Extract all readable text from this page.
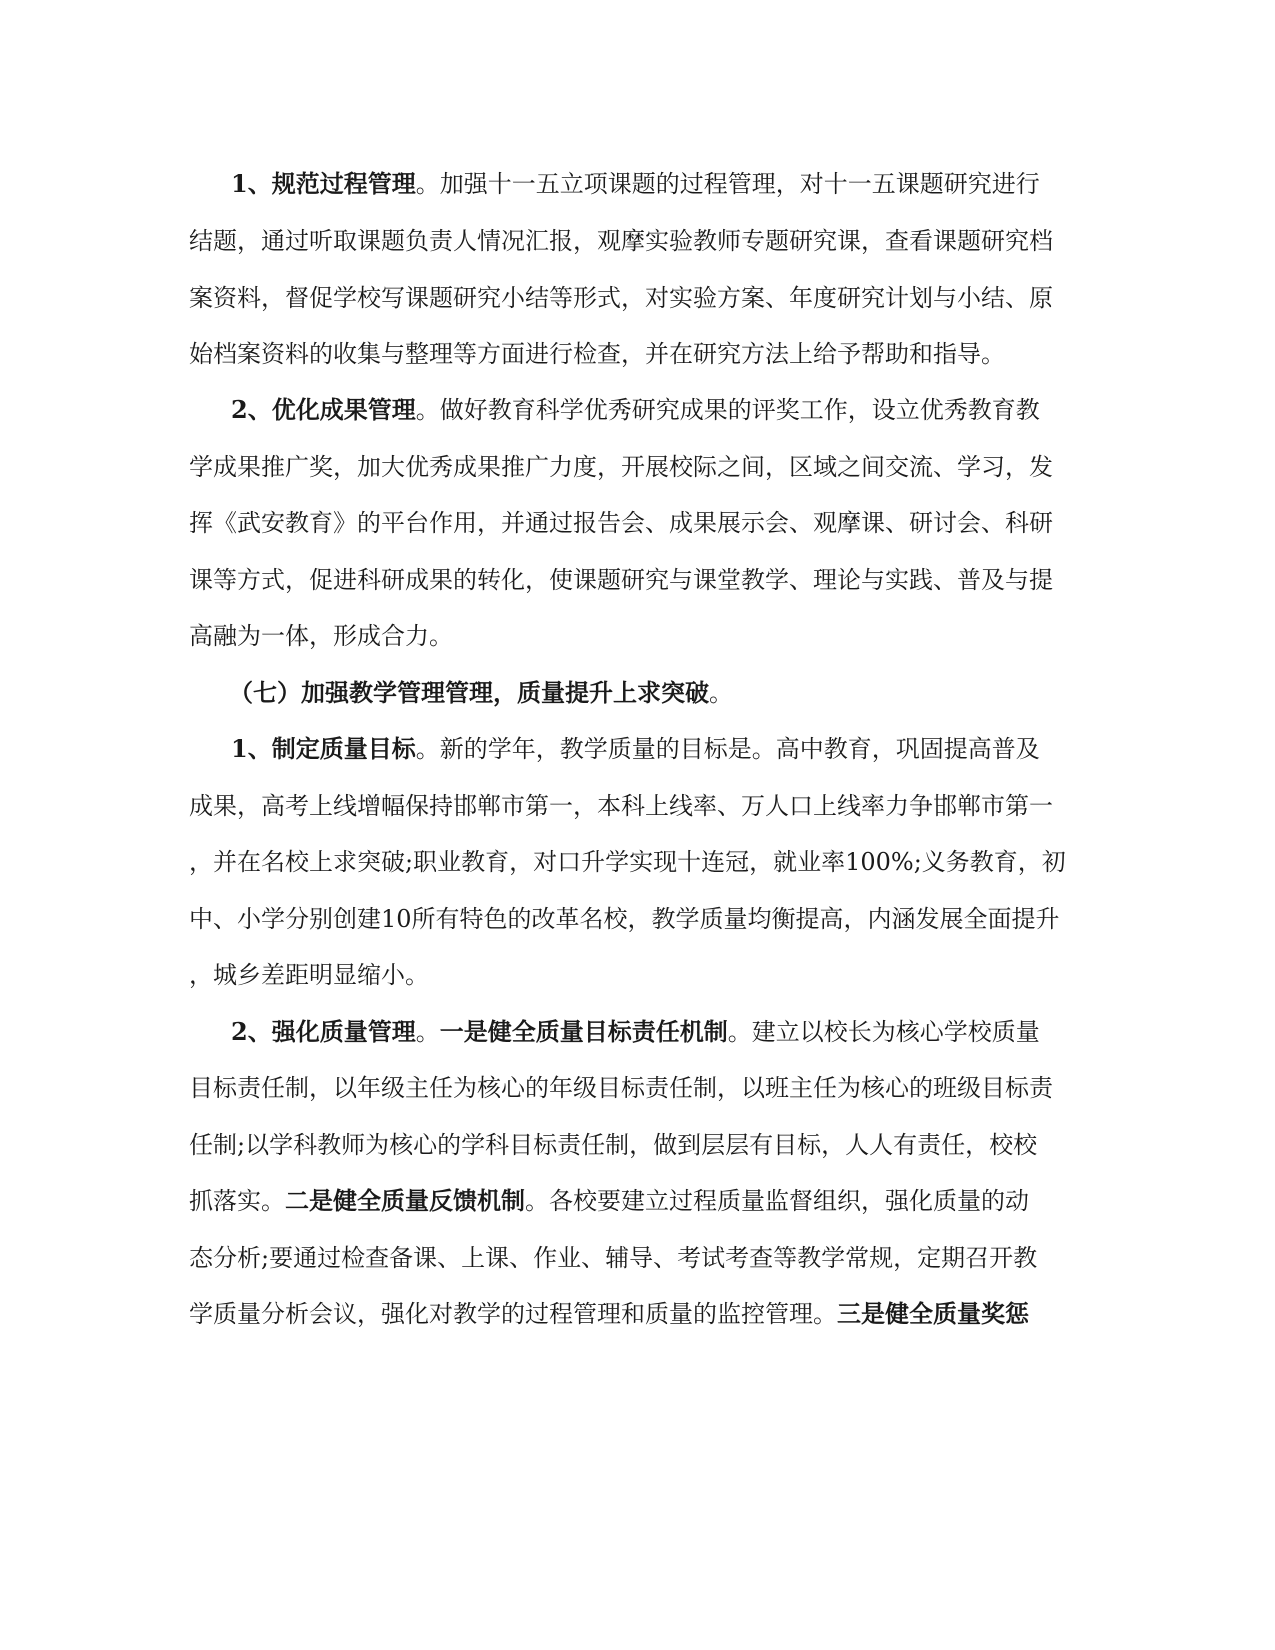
1、规范过程管理。加强十一五立项课题的过程管理，对十一五课题研究进行
结题，通过听取课题负责人情况汇报，观摩实验教师专题研究课，查看课题研究档
案资料，督促学校写课题研究小结等形式，对实验方案、年度研究计划与小结、原
始档案资料的收集与整理等方面进行检查，并在研究方法上给予帮助和指导。
2、优化成果管理。做好教育科学优秀研究成果的评奖工作，设立优秀教育教
学成果推广奖，加大优秀成果推广力度，开展校际之间，区域之间交流、学习，发
挥《武安教育》的平台作用，并通过报告会、成果展示会、观摩课、研讨会、科研
课等方式，促进科研成果的转化，使课题研究与课堂教学、理论与实践、普及与提
高融为一体，形成合力。
（七）加强教学管理管理，质量提升上求突破。
1、制定质量目标。新的学年，教学质量的目标是。高中教育，巩固提高普及
成果，高考上线增幅保持邯郸市第一，本科上线率、万人口上线率力争邯郸市第一
，并在名校上求突破;职业教育，对口升学实现十连冠，就业率100%;义务教育，初
中、小学分别创建10所有特色的改革名校，教学质量均衡提高，内涵发展全面提升
，城乡差距明显缩小。
2、强化质量管理。一是健全质量目标责任机制。建立以校长为核心学校质量
目标责任制，以年级主任为核心的年级目标责任制，以班主任为核心的班级目标责
任制;以学科教师为核心的学科目标责任制，做到层层有目标，人人有责任，校校
抓落实。二是健全质量反馈机制。各校要建立过程质量监督组织，强化质量的动
态分析;要通过检查备课、上课、作业、辅导、考试考查等教学常规，定期召开教
学质量分析会议，强化对教学的过程管理和质量的监控管理。三是健全质量奖惩
